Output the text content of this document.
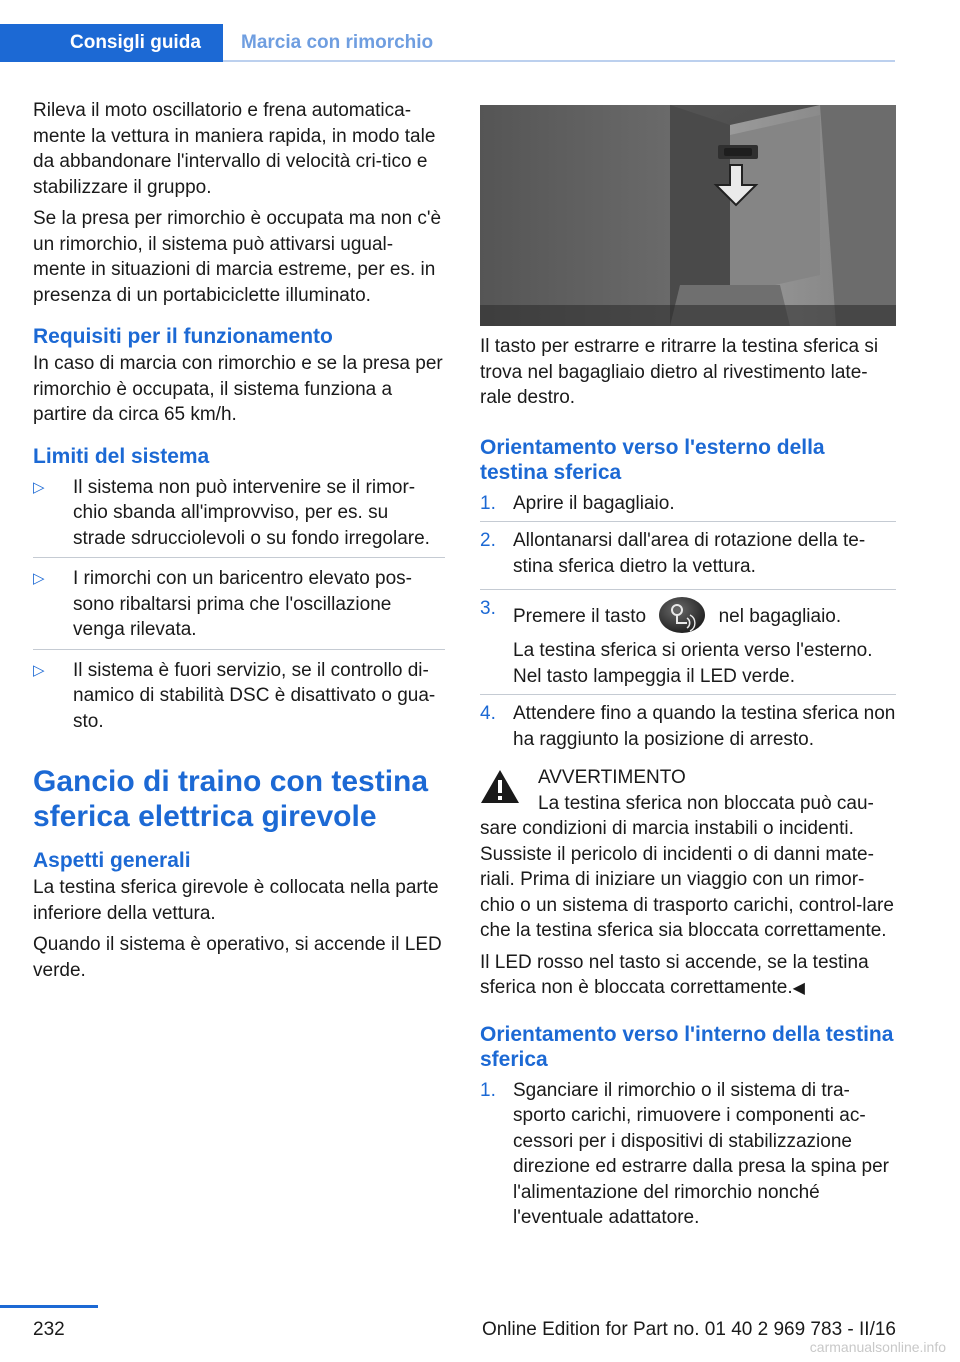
Consigli guida	Marcia con rimorchio

Rileva il moto oscillatorio e frena automatica‐mente la vettura in maniera rapida, in modo tale da abbandonare l'intervallo di velocità cri‐tico e stabilizzare il gruppo.

Se la presa per rimorchio è occupata ma non c'è un rimorchio, il sistema può attivarsi ugual‐mente in situazioni di marcia estreme, per es. in presenza di un portabiciclette illuminato.

Requisiti per il funzionamento

In caso di marcia con rimorchio e se la presa per rimorchio è occupata, il sistema funziona a partire da circa 65 km/h.

Limiti del sistema
▷ Il sistema non può intervenire se il rimor‐chio sbanda all'improvviso, per es. su strade sdrucciolevoli o su fondo irregolare.
▷ I rimorchi con un baricentro elevato pos‐sono ribaltarsi prima che l'oscillazione venga rilevata.
▷ Il sistema è fuori servizio, se il controllo di‐namico di stabilità DSC è disattivato o gua‐sto.
Gancio di traino con testina sferica elettrica girevole
Aspetti generali

La testina sferica girevole è collocata nella parte inferiore della vettura.

Quando il sistema è operativo, si accende il LED verde.

Il tasto per estrarre e ritrarre la testina sferica si trova nel bagagliaio dietro al rivestimento late‐rale destro.

Orientamento verso l'esterno della testina sferica
1. Aprire il bagagliaio.
2. Allontanarsi dall'area di rotazione della te‐stina sferica dietro la vettura.
3. Premere il tasto	nel bagagliaio.

La testina sferica si orienta verso l'esterno. Nel tasto lampeggia il LED verde.

4. Attendere fino a quando la testina sferica non ha raggiunto la posizione di arresto.
AVVERTIMENTO

La testina sferica non bloccata può cau‐sare condizioni di marcia instabili o incidenti. Sussiste il pericolo di incidenti o di danni mate‐riali. Prima di iniziare un viaggio con un rimor‐chio o un sistema di trasporto carichi, control‐lare che la testina sferica sia bloccata correttamente.

Il LED rosso nel tasto si accende, se la testina sferica non è bloccata correttamente.◀

Orientamento verso l'interno della testina sferica
1. Sganciare il rimorchio o il sistema di tra‐sporto carichi, rimuovere i componenti ac‐cessori per i dispositivi di stabilizzazione direzione ed estrarre dalla presa la spina per l'alimentazione del rimorchio nonché l'eventuale adattatore.
232	Online Edition for Part no. 01 40 2 969 783 - II/16
carmanualsonline.info
